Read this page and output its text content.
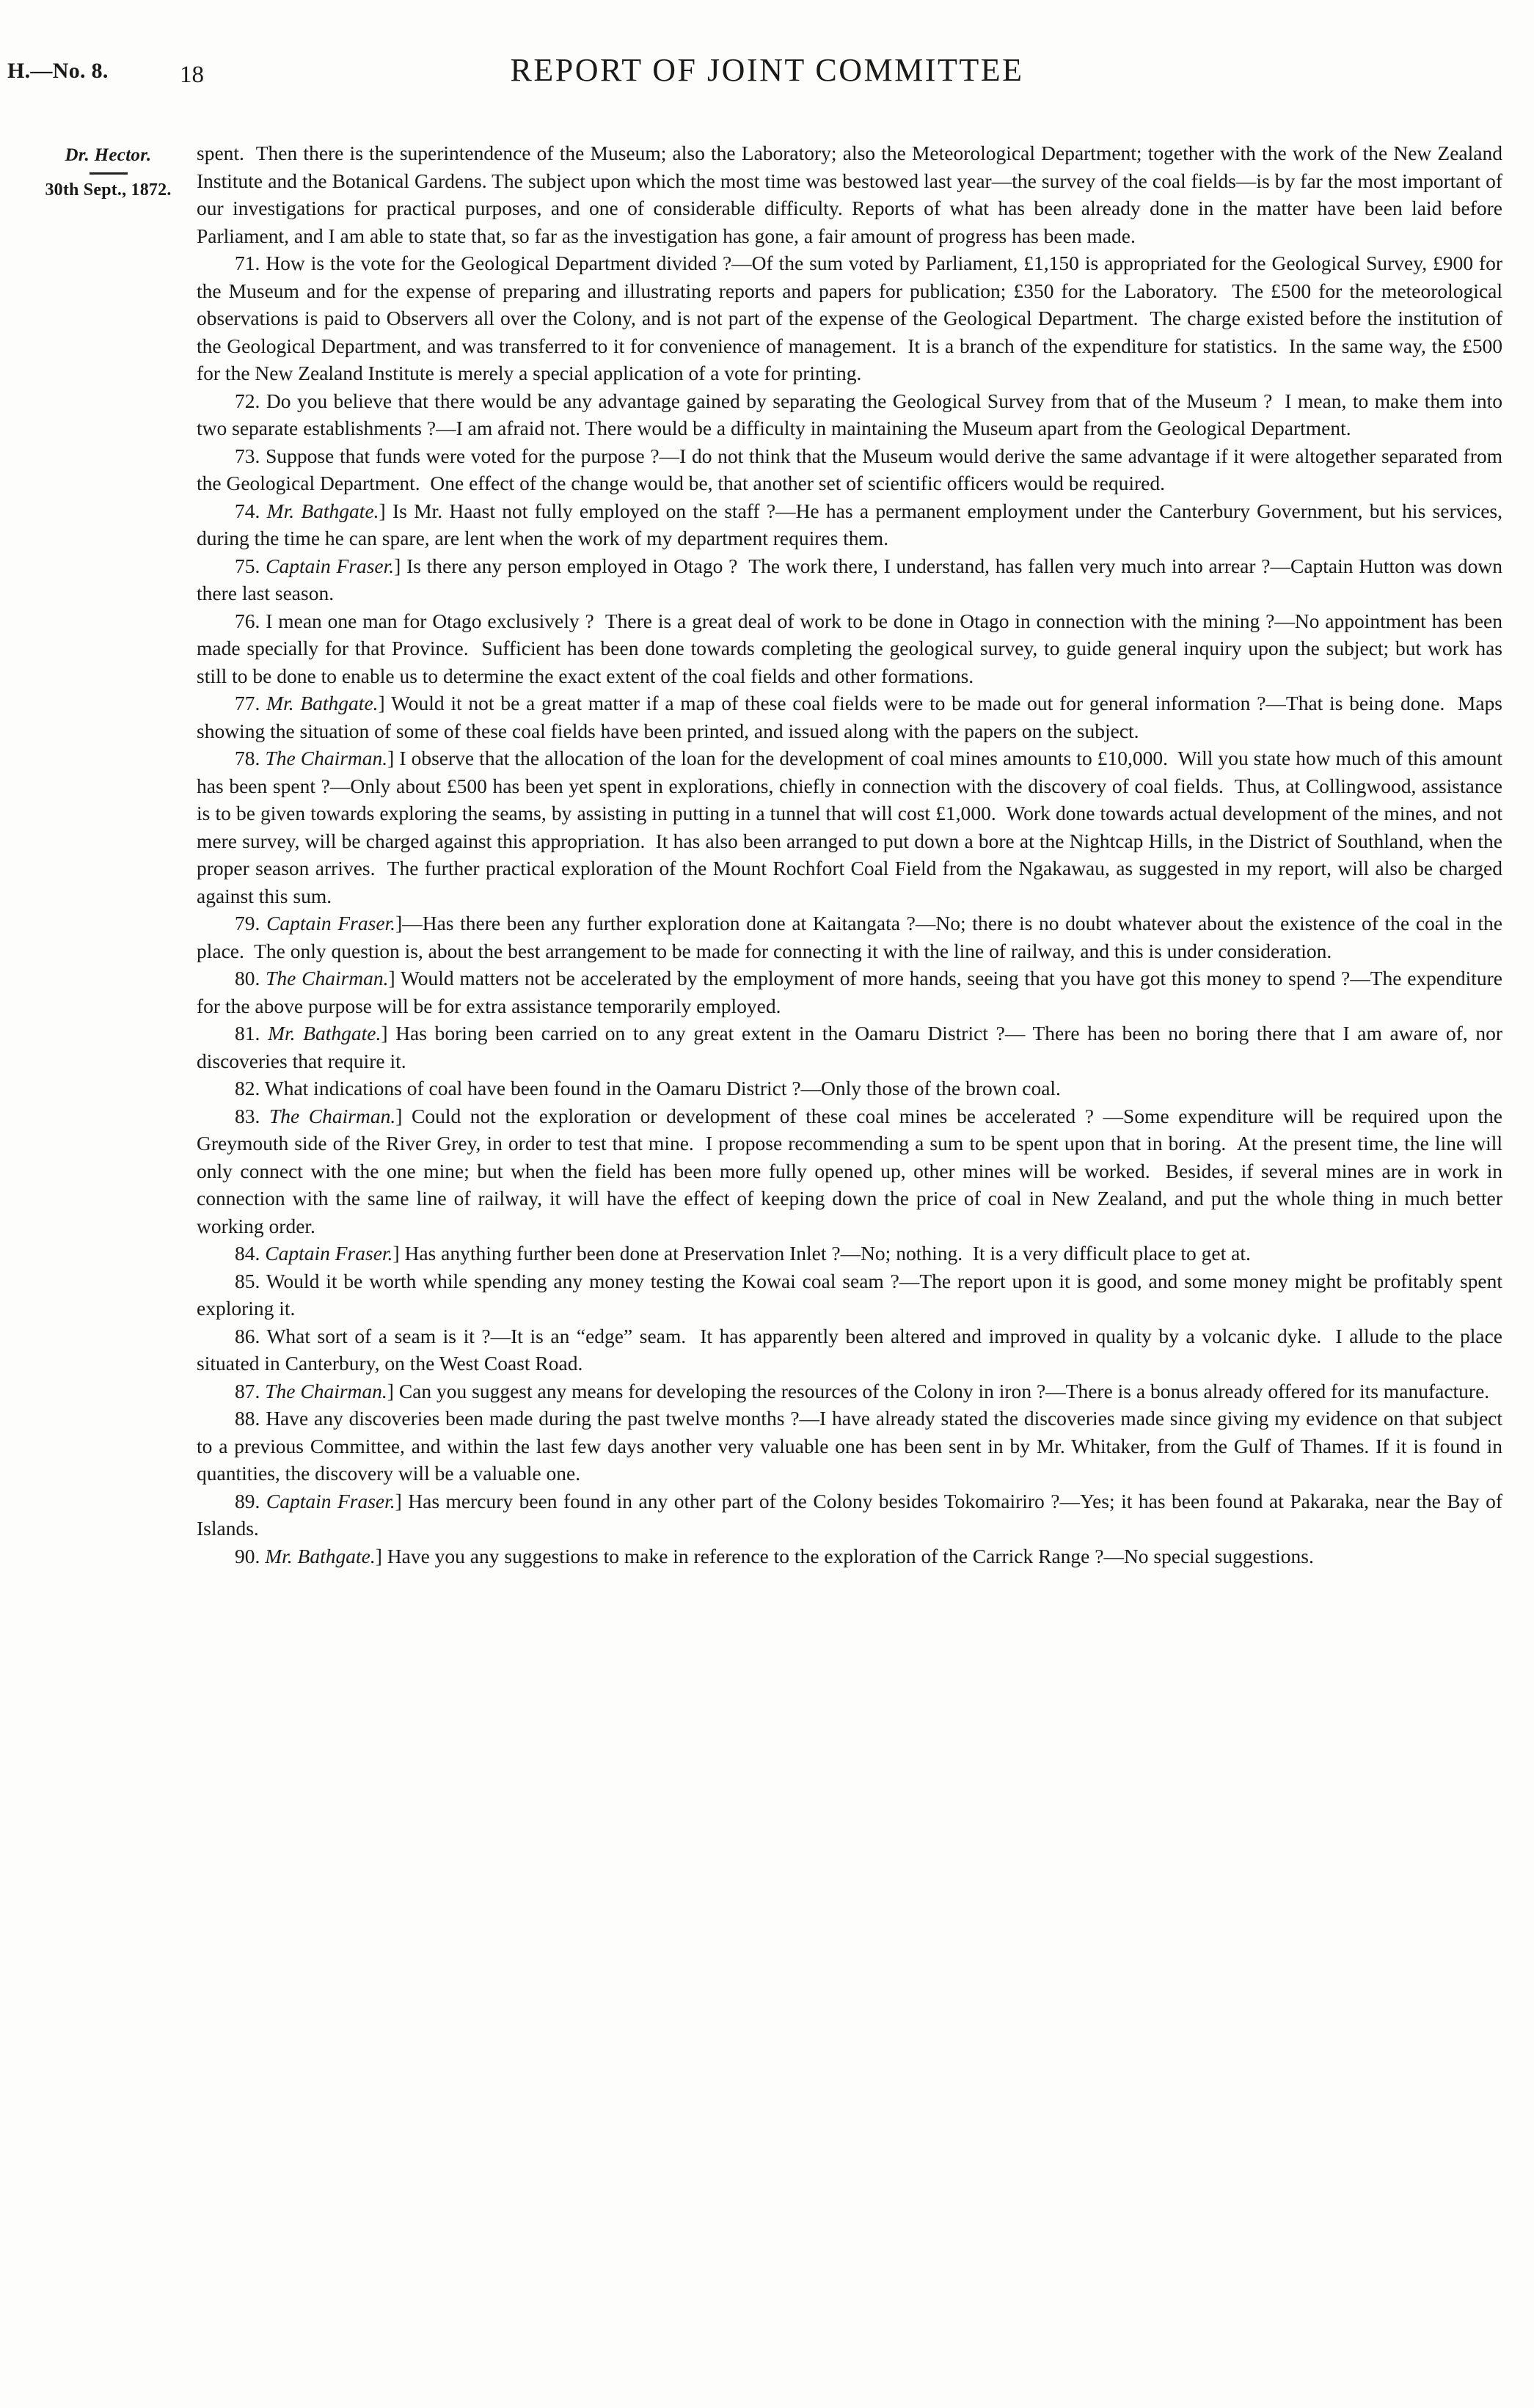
H.—No. 8.	18	REPORT OF JOINT COMMITTEE
Dr. Hector.
30th Sept., 1872.

spent.  Then there is the superintendence of the Museum; also the Laboratory; also the Meteorological Department; together with the work of the New Zealand Institute and the Botanical Gardens. The subject upon which the most time was bestowed last year—the survey of the coal fields—is by far the most important of our investigations for practical purposes, and one of considerable difficulty. Reports of what has been already done in the matter have been laid before Parliament, and I am able to state that, so far as the investigation has gone, a fair amount of progress has been made.

71. How is the vote for the Geological Department divided ?—Of the sum voted by Parliament, £1,150 is appropriated for the Geological Survey, £900 for the Museum and for the expense of preparing and illustrating reports and papers for publication; £350 for the Laboratory.  The £500 for the meteorological observations is paid to Observers all over the Colony, and is not part of the expense of the Geological Department.  The charge existed before the institution of the Geological Department, and was transferred to it for convenience of management.  It is a branch of the expenditure for statistics.  In the same way, the £500 for the New Zealand Institute is merely a special application of a vote for printing.

72. Do you believe that there would be any advantage gained by separating the Geological Survey from that of the Museum ?  I mean, to make them into two separate establishments ?—I am afraid not. There would be a difficulty in maintaining the Museum apart from the Geological Department.

73. Suppose that funds were voted for the purpose ?—I do not think that the Museum would derive the same advantage if it were altogether separated from the Geological Department.  One effect of the change would be, that another set of scientific officers would be required.

74. Mr. Bathgate.] Is Mr. Haast not fully employed on the staff ?—He has a permanent employment under the Canterbury Government, but his services, during the time he can spare, are lent when the work of my department requires them.

75. Captain Fraser.] Is there any person employed in Otago ?  The work there, I understand, has fallen very much into arrear ?—Captain Hutton was down there last season.

76. I mean one man for Otago exclusively ?  There is a great deal of work to be done in Otago in connection with the mining ?—No appointment has been made specially for that Province.  Sufficient has been done towards completing the geological survey, to guide general inquiry upon the subject; but work has still to be done to enable us to determine the exact extent of the coal fields and other formations.

77. Mr. Bathgate.] Would it not be a great matter if a map of these coal fields were to be made out for general information ?—That is being done.  Maps showing the situation of some of these coal fields have been printed, and issued along with the papers on the subject.

78. The Chairman.] I observe that the allocation of the loan for the development of coal mines amounts to £10,000.  Will you state how much of this amount has been spent ?—Only about £500 has been yet spent in explorations, chiefly in connection with the discovery of coal fields.  Thus, at Collingwood, assistance is to be given towards exploring the seams, by assisting in putting in a tunnel that will cost £1,000.  Work done towards actual development of the mines, and not mere survey, will be charged against this appropriation.  It has also been arranged to put down a bore at the Nightcap Hills, in the District of Southland, when the proper season arrives.  The further practical exploration of the Mount Rochfort Coal Field from the Ngakawau, as suggested in my report, will also be charged against this sum.

79. Captain Fraser.]—Has there been any further exploration done at Kaitangata ?—No; there is no doubt whatever about the existence of the coal in the place.  The only question is, about the best arrangement to be made for connecting it with the line of railway, and this is under consideration.

80. The Chairman.] Would matters not be accelerated by the employment of more hands, seeing that you have got this money to spend ?—The expenditure for the above purpose will be for extra assistance temporarily employed.

81. Mr. Bathgate.] Has boring been carried on to any great extent in the Oamaru District ?— There has been no boring there that I am aware of, nor discoveries that require it.

82. What indications of coal have been found in the Oamaru District ?—Only those of the brown coal.

83. The Chairman.] Could not the exploration or development of these coal mines be accelerated ? —Some expenditure will be required upon the Greymouth side of the River Grey, in order to test that mine.  I propose recommending a sum to be spent upon that in boring.  At the present time, the line will only connect with the one mine; but when the field has been more fully opened up, other mines will be worked.  Besides, if several mines are in work in connection with the same line of railway, it will have the effect of keeping down the price of coal in New Zealand, and put the whole thing in much better working order.

84. Captain Fraser.] Has anything further been done at Preservation Inlet ?—No; nothing.  It is a very difficult place to get at.

85. Would it be worth while spending any money testing the Kowai coal seam ?—The report upon it is good, and some money might be profitably spent exploring it.

86. What sort of a seam is it ?—It is an “edge” seam.  It has apparently been altered and improved in quality by a volcanic dyke.  I allude to the place situated in Canterbury, on the West Coast Road.

87. The Chairman.] Can you suggest any means for developing the resources of the Colony in iron ?—There is a bonus already offered for its manufacture.

88. Have any discoveries been made during the past twelve months ?—I have already stated the discoveries made since giving my evidence on that subject to a previous Committee, and within the last few days another very valuable one has been sent in by Mr. Whitaker, from the Gulf of Thames. If it is found in quantities, the discovery will be a valuable one.

89. Captain Fraser.] Has mercury been found in any other part of the Colony besides Tokomairiro ?—Yes; it has been found at Pakaraka, near the Bay of Islands.

90. Mr. Bathgate.] Have you any suggestions to make in reference to the exploration of the Carrick Range ?—No special suggestions.
